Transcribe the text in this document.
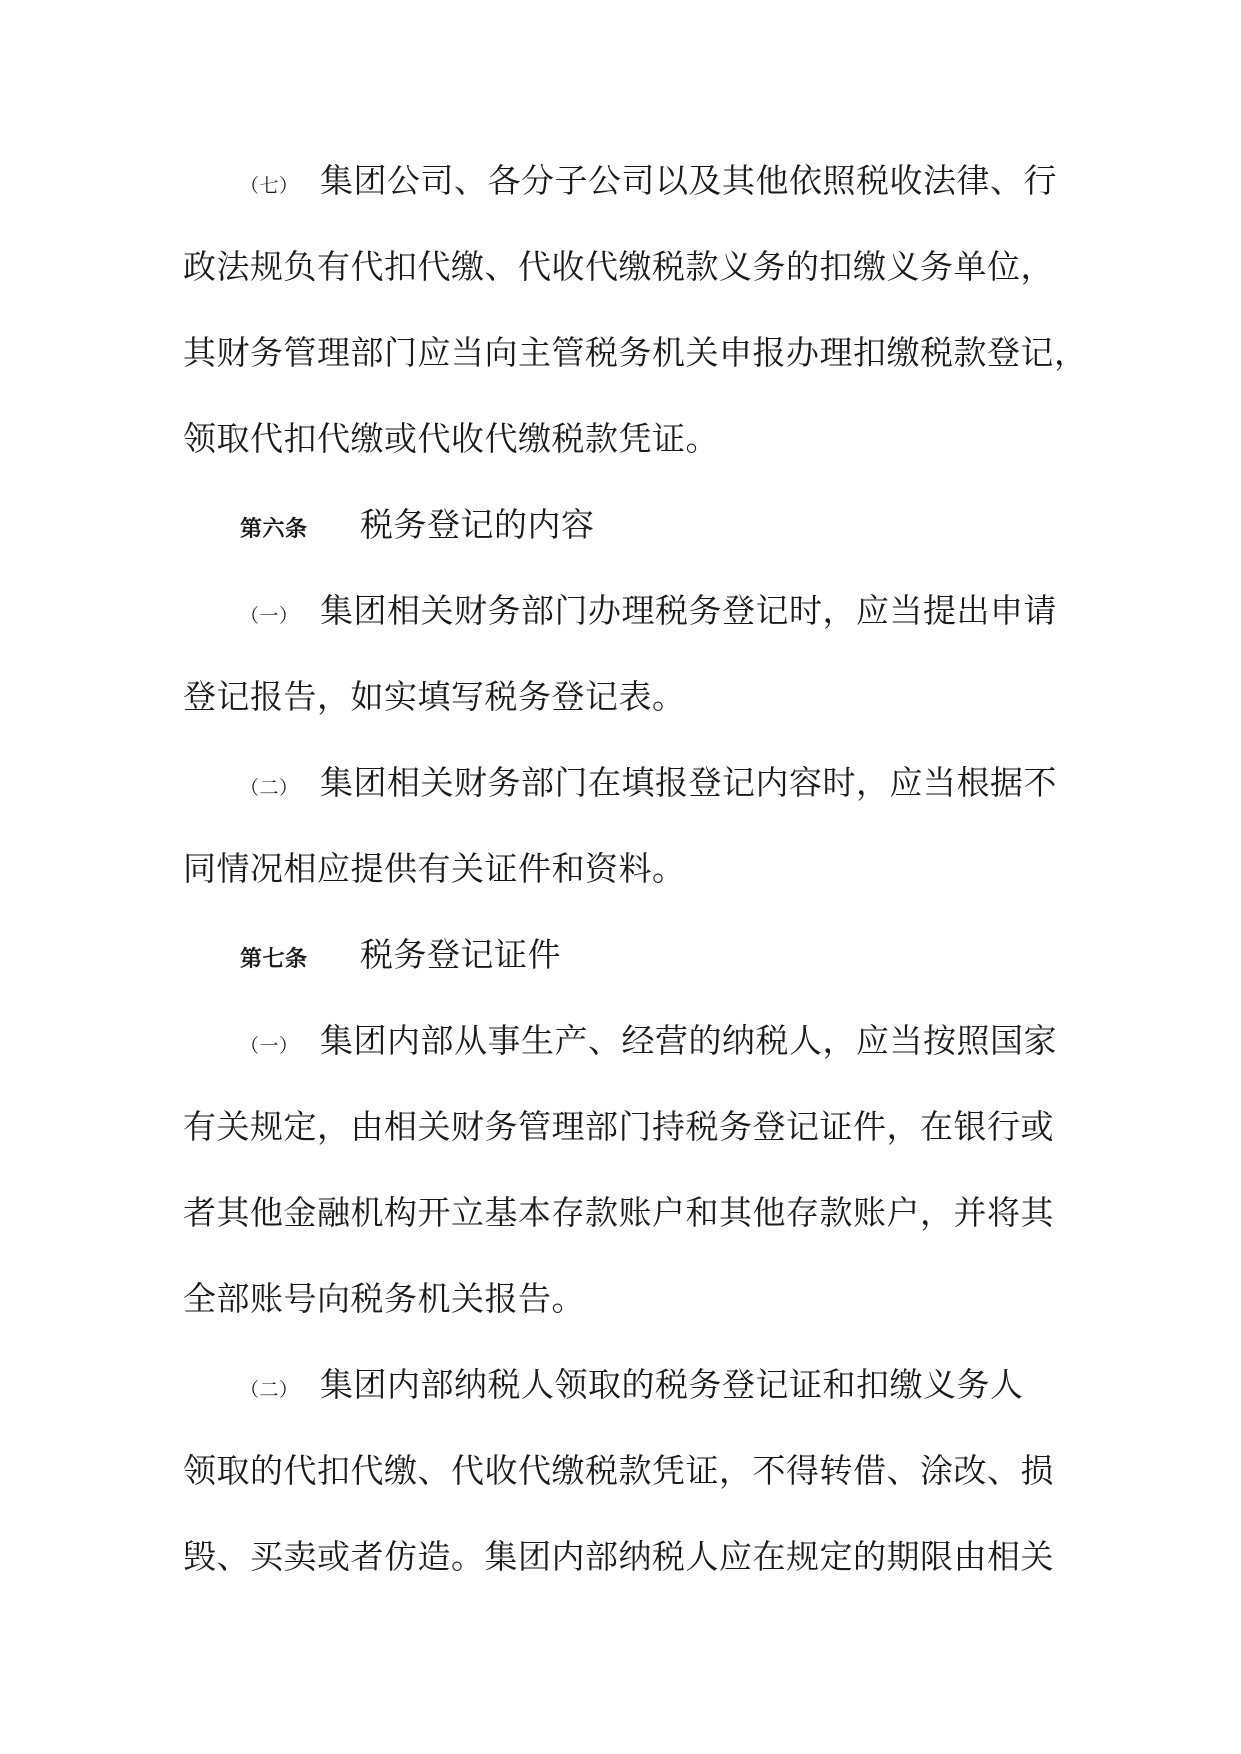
（七） 集团公司、各分子公司以及其他依照税收法律、行
政法规负有代扣代缴、代收代缴税款义务的扣缴义务单位，
其财务管理部门应当向主管税务机关申报办理扣缴税款登记，
领取代扣代缴或代收代缴税款凭证。
第六条 税务登记的内容
（一） 集团相关财务部门办理税务登记时，应当提出申请
登记报告，如实填写税务登记表。
（二） 集团相关财务部门在填报登记内容时，应当根据不
同情况相应提供有关证件和资料。
第七条 税务登记证件
（一） 集团内部从事生产、经营的纳税人，应当按照国家
有关规定，由相关财务管理部门持税务登记证件，在银行或
者其他金融机构开立基本存款账户和其他存款账户，并将其
全部账号向税务机关报告。
（二） 集团内部纳税人领取的税务登记证和扣缴义务人
领取的代扣代缴、代收代缴税款凭证，不得转借、涂改、损
毁、买卖或者仿造。集团内部纳税人应在规定的期限由相关
